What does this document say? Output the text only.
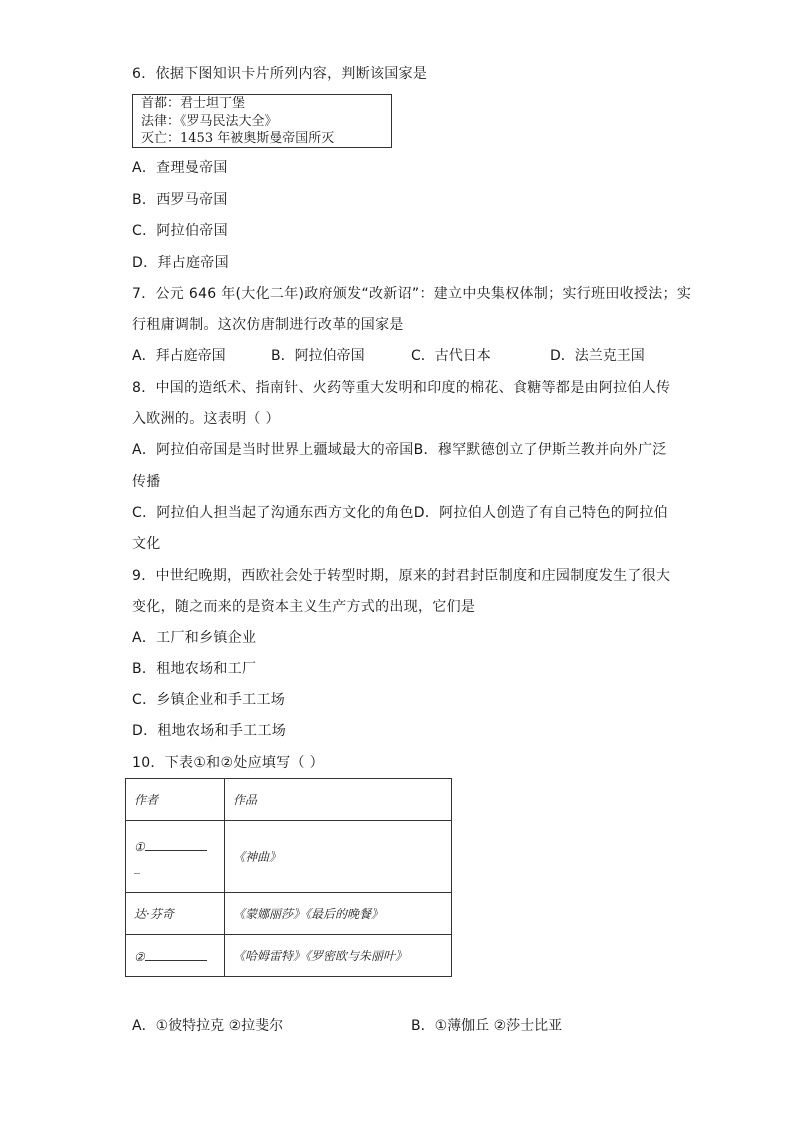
6．依据下图知识卡片所列内容，判断该国家是
首都：君士坦丁堡
法律：《罗马民法大全》
灭亡：1453 年被奥斯曼帝国所灭
A．查理曼帝国
B．西罗马帝国
C．阿拉伯帝国
D．拜占庭帝国
7．公元 646 年(大化二年)政府颁发“改新诏”：建立中央集权体制；实行班田收授法；实
行租庸调制。这次仿唐制进行改革的国家是
A．拜占庭帝国	B．阿拉伯帝国	C．古代日本	D．法兰克王国
8．中国的造纸术、指南针、火药等重大发明和印度的棉花、食糖等都是由阿拉伯人传
入欧洲的。这表明（ ）
A．阿拉伯帝国是当时世界上疆域最大的帝国B．穆罕默德创立了伊斯兰教并向外广泛
传播
C．阿拉伯人担当起了沟通东西方文化的角色D．阿拉伯人创造了有自己特色的阿拉伯
文化
9．中世纪晚期，西欧社会处于转型时期，原来的封君封臣制度和庄园制度发生了很大
变化，随之而来的是资本主义生产方式的出现，它们是
A．工厂和乡镇企业
B．租地农场和工厂
C．乡镇企业和手工工场
D．租地农场和手工工场
10．下表①和②处应填写（ ）
作者	作品

①
_	《神曲》
达·芬奇	《蒙娜丽莎》《最后的晚餐》
②	《哈姆雷特》《罗密欧与朱丽叶》
A．①彼特拉克 ②拉斐尔	B．①薄伽丘 ②莎士比亚
